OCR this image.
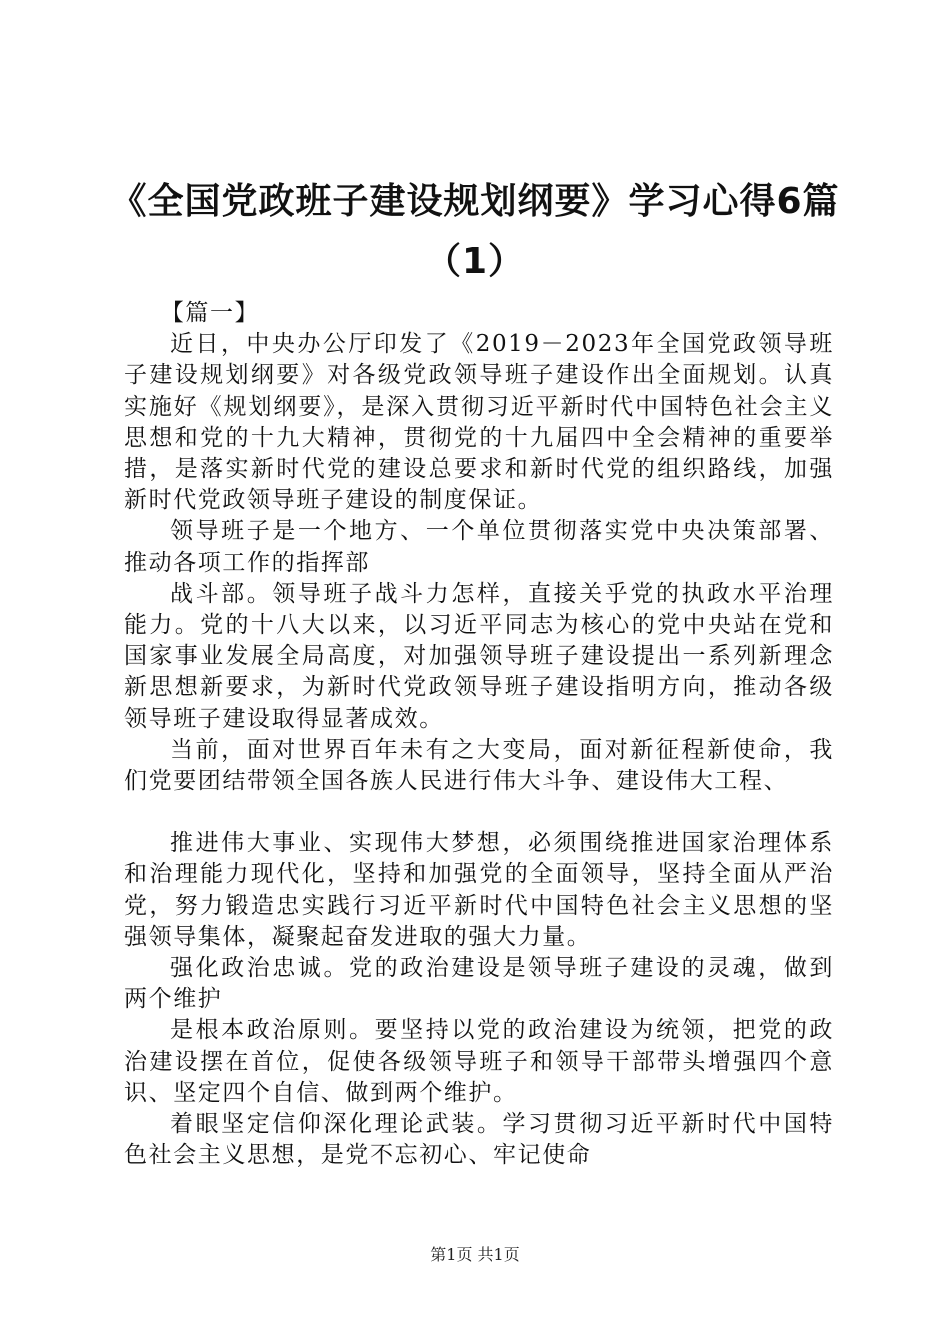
《全国党政班子建设规划纲要》学习心得6篇
（1）

【篇一】

近日，中央办公厅印发了《2019－2023年全国党政领导班子建设规划纲要》对各级党政领导班子建设作出全面规划。认真实施好《规划纲要》，是深入贯彻习近平新时代中国特色社会主义思想和党的十九大精神，贯彻党的十九届四中全会精神的重要举措，是落实新时代党的建设总要求和新时代党的组织路线，加强新时代党政领导班子建设的制度保证。

领导班子是一个地方、一个单位贯彻落实党中央决策部署、推动各项工作的指挥部

战斗部。领导班子战斗力怎样，直接关乎党的执政水平治理能力。党的十八大以来，以习近平同志为核心的党中央站在党和国家事业发展全局高度，对加强领导班子建设提出一系列新理念新思想新要求，为新时代党政领导班子建设指明方向，推动各级领导班子建设取得显著成效。

当前，面对世界百年未有之大变局，面对新征程新使命，我们党要团结带领全国各族人民进行伟大斗争、建设伟大工程、

推进伟大事业、实现伟大梦想，必须围绕推进国家治理体系和治理能力现代化，坚持和加强党的全面领导，坚持全面从严治党，努力锻造忠实践行习近平新时代中国特色社会主义思想的坚强领导集体，凝聚起奋发进取的强大力量。

强化政治忠诚。党的政治建设是领导班子建设的灵魂，做到两个维护

是根本政治原则。要坚持以党的政治建设为统领，把党的政治建设摆在首位，促使各级领导班子和领导干部带头增强四个意识、坚定四个自信、做到两个维护。

着眼坚定信仰深化理论武装。学习贯彻习近平新时代中国特色社会主义思想，是党不忘初心、牢记使命

第1页 共1页
